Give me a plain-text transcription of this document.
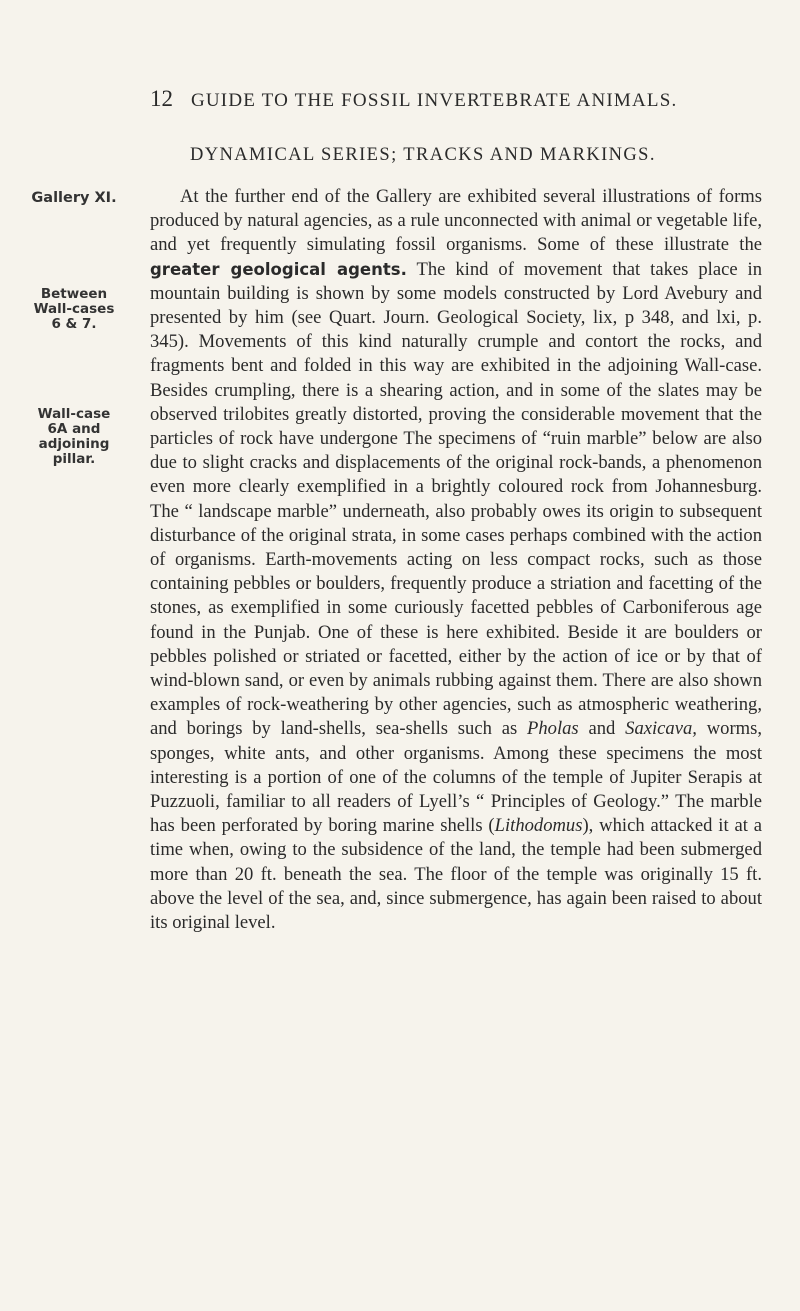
12 GUIDE TO THE FOSSIL INVERTEBRATE ANIMALS.
DYNAMICAL SERIES; TRACKS AND MARKINGS.
Gallery XI.
Between
Wall-cases
6 & 7.
Wall-case
6A and
adjoining
pillar.

At the further end of the Gallery are exhibited several illustrations of forms produced by natural agencies, as a rule unconnected with animal or vegetable life, and yet frequently simulating fossil organisms. Some of these illustrate the greater geological agents. The kind of movement that takes place in mountain building is shown by some models constructed by Lord Avebury and presented by him (see Quart. Journ. Geological Society, lix, p 348, and lxi, p. 345). Movements of this kind naturally crumple and contort the rocks, and fragments bent and folded in this way are exhibited in the adjoining Wall-case. Besides crumpling, there is a shearing action, and in some of the slates may be observed trilobites greatly distorted, proving the considerable movement that the particles of rock have undergone The specimens of “ruin marble” below are also due to slight cracks and displacements of the original rock-bands, a phenomenon even more clearly exemplified in a brightly coloured rock from Johannesburg. The “ landscape marble” underneath, also probably owes its origin to subsequent disturbance of the original strata, in some cases perhaps combined with the action of organisms. Earth-movements acting on less compact rocks, such as those containing pebbles or boulders, frequently produce a striation and facetting of the stones, as exemplified in some curiously facetted pebbles of Carboniferous age found in the Punjab. One of these is here exhibited. Beside it are boulders or pebbles polished or striated or facetted, either by the action of ice or by that of wind-blown sand, or even by animals rubbing against them. There are also shown examples of rock-weathering by other agencies, such as atmospheric weathering, and borings by land-shells, sea-shells such as Pholas and Saxicava, worms, sponges, white ants, and other organisms. Among these specimens the most interesting is a portion of one of the columns of the temple of Jupiter Serapis at Puzzuoli, familiar to all readers of Lyell’s “ Principles of Geology.” The marble has been perforated by boring marine shells (Lithodomus), which attacked it at a time when, owing to the subsidence of the land, the temple had been submerged more than 20 ft. beneath the sea. The floor of the temple was originally 15 ft. above the level of the sea, and, since submergence, has again been raised to about its original level.
